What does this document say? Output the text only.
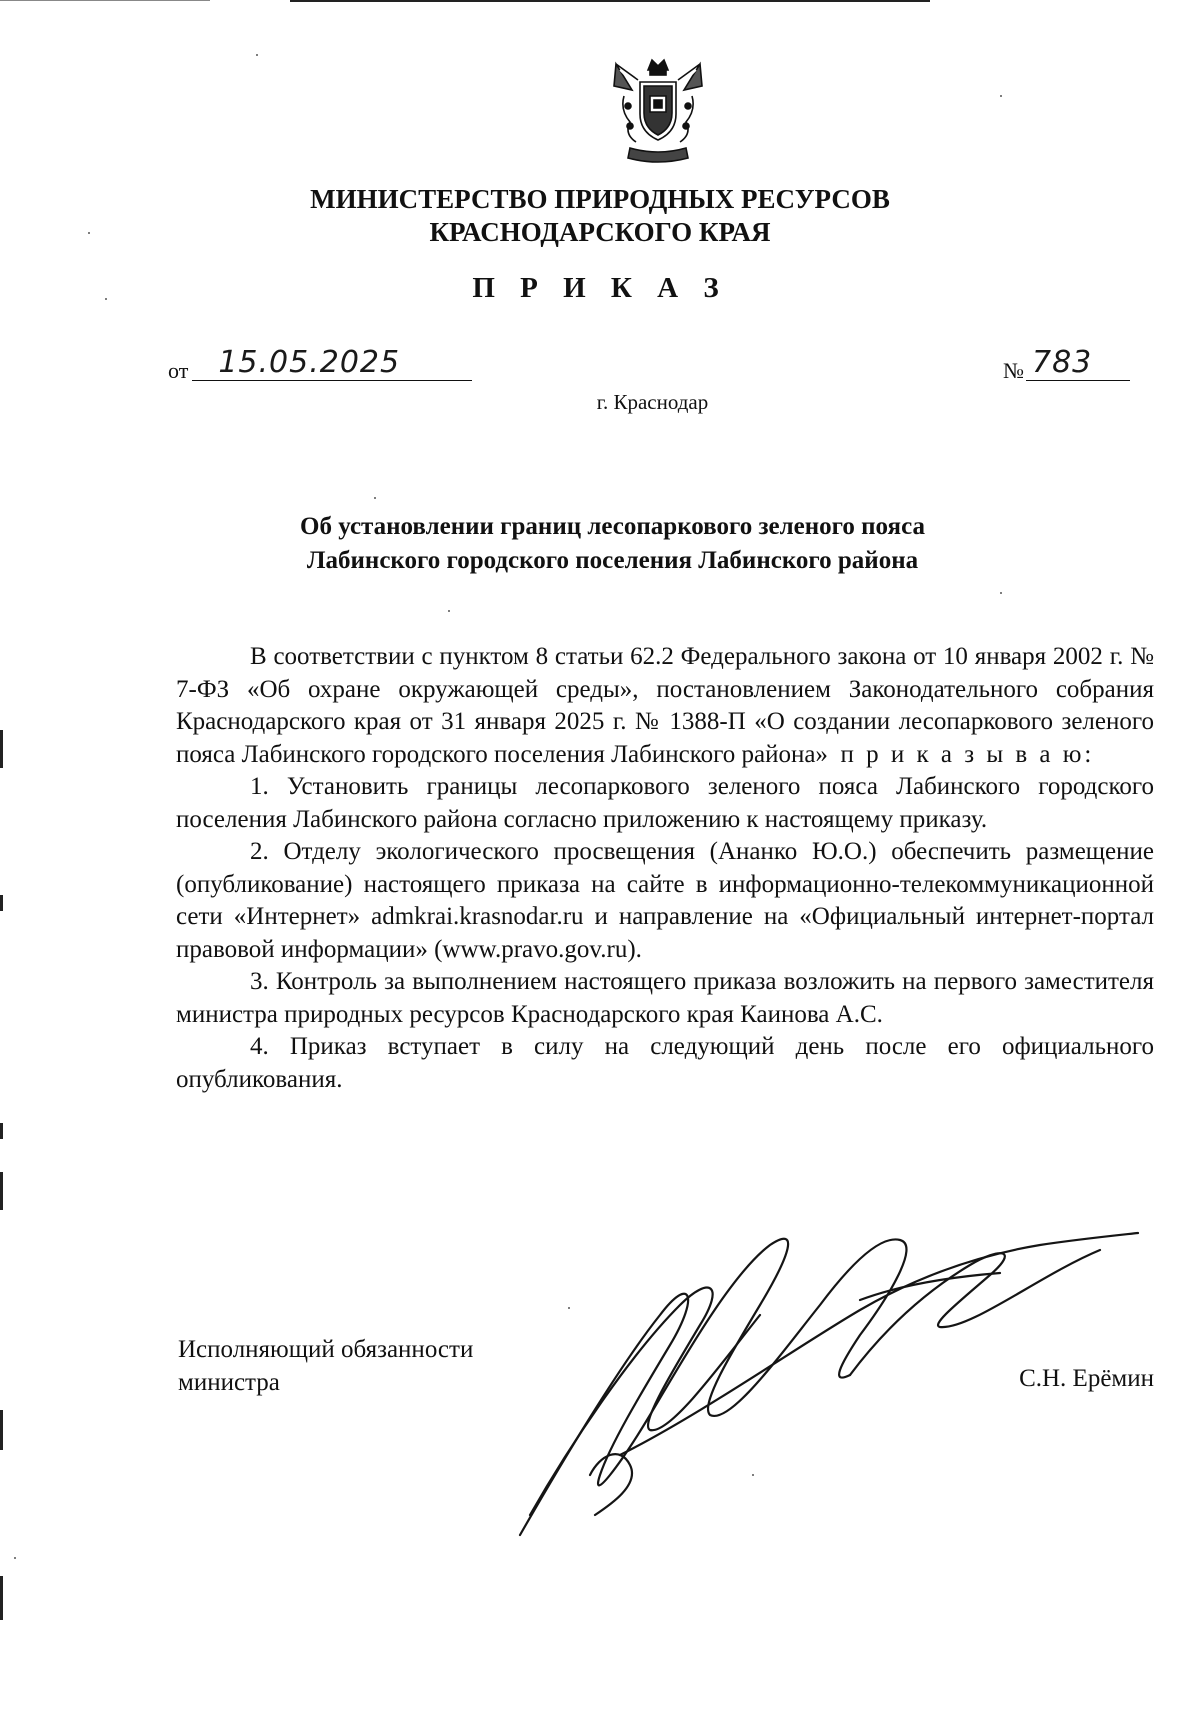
МИНИСТЕРСТВО ПРИРОДНЫХ РЕСУРСОВ
КРАСНОДАРСКОГО КРАЯ
П Р И К А З
от 15.05.2025	№ 783
г. Краснодар
Об установлении границ лесопаркового зеленого пояса
Лабинского городского поселения Лабинского района

В соответствии с пунктом 8 статьи 62.2 Федерального закона от 10 января 2002 г. № 7-ФЗ «Об охране окружающей среды», постановлением Законодательного собрания Краснодарского края от 31 января 2025 г. № 1388-П «О создании лесопаркового зеленого пояса Лабинского городского поселения Лабинского района» п р и к а з ы в а ю:

1. Установить границы лесопаркового зеленого пояса Лабинского городского поселения Лабинского района согласно приложению к настоящему приказу.

2. Отделу экологического просвещения (Ананко Ю.О.) обеспечить размещение (опубликование) настоящего приказа на сайте в информационно-телекоммуникационной сети «Интернет» admkrai.krasnodar.ru и направление на «Официальный интернет-портал правовой информации» (www.pravo.gov.ru).

3. Контроль за выполнением настоящего приказа возложить на первого заместителя министра природных ресурсов Краснодарского края Каинова А.С.

4. Приказ вступает в силу на следующий день после его официального опубликования.

Исполняющий обязанности
министра	С.Н. Ерёмин
